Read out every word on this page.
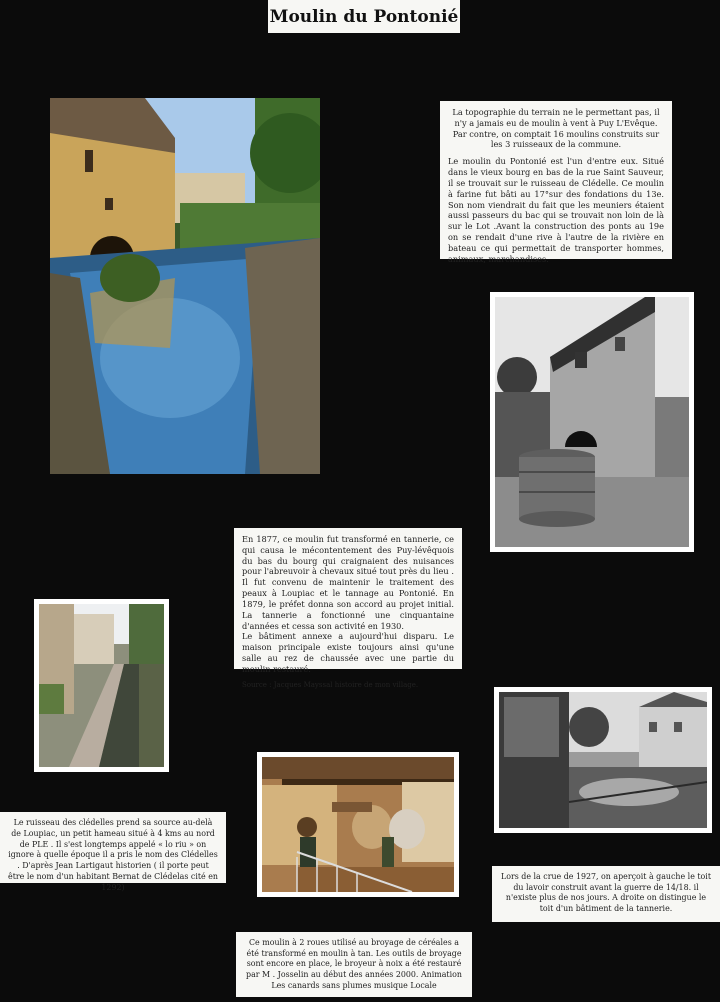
Moulin du Pontonié

La topographie du terrain ne le permettant pas, il n'y a jamais eu de moulin à vent à Puy L'Evêque. Par contre, on comptait 16 moulins construits sur les 3 ruisseaux de la commune.

Le moulin du Pontonié est l'un d'entre eux. Situé dans le vieux bourg en bas de la rue Saint Sauveur, il se trouvait sur le ruisseau de Clédelle. Ce moulin à farine fut bâti au 17°sur des fondations du 13e. Son nom viendrait du fait que les meuniers étaient aussi passeurs du bac qui se trouvait non loin de là sur le Lot .Avant la construction des ponts au 19e on se rendait d'une rive à l'autre de la rivière en bateau ce qui permettait de transporter hommes, animaux, marchandises.

En 1877, ce moulin fut transformé en tannerie, ce qui causa le mécontentement des Puy-lévêquois du bas du bourg qui craignaient des nuisances pour l'abreuvoir à chevaux situé tout près du lieu . Il fut convenu de maintenir le traitement des peaux à Loupiac et le tannage au Pontonié. En 1879, le préfet donna son accord au projet initial. La tannerie a fonctionné une cinquantaine d'années et cessa son activité en 1930.
Le bâtiment annexe a aujourd'hui disparu. Le maison principale existe toujours ainsi qu'une salle au rez de chaussée avec une partie du moulin restauré.
Source : Jacques Mayssal histoire de mon village.
Le ruisseau des clédelles prend sa source au-delà de Loupiac, un petit hameau situé à 4 kms au nord de PLE . Il s'est longtemps appelé « lo riu » on ignore à quelle époque il a pris le nom des Clédelles . D'après Jean Lartigaut historien ( il porte peut être le nom d'un habitant Bernat de Clédelas cité en 1292)
Lors de la crue de 1927, on aperçoit à gauche le toit du lavoir construit avant la guerre de 14/18. il n'existe plus de nos jours. A droite on distingue le toit d'un bâtiment de la tannerie.
Ce moulin à 2 roues utilisé au broyage de céréales a été transformé en moulin à tan. Les outils de broyage sont encore en place, le broyeur à noix a été restauré par M . Josselin au début des années 2000. Animation Les canards sans plumes musique Locale
